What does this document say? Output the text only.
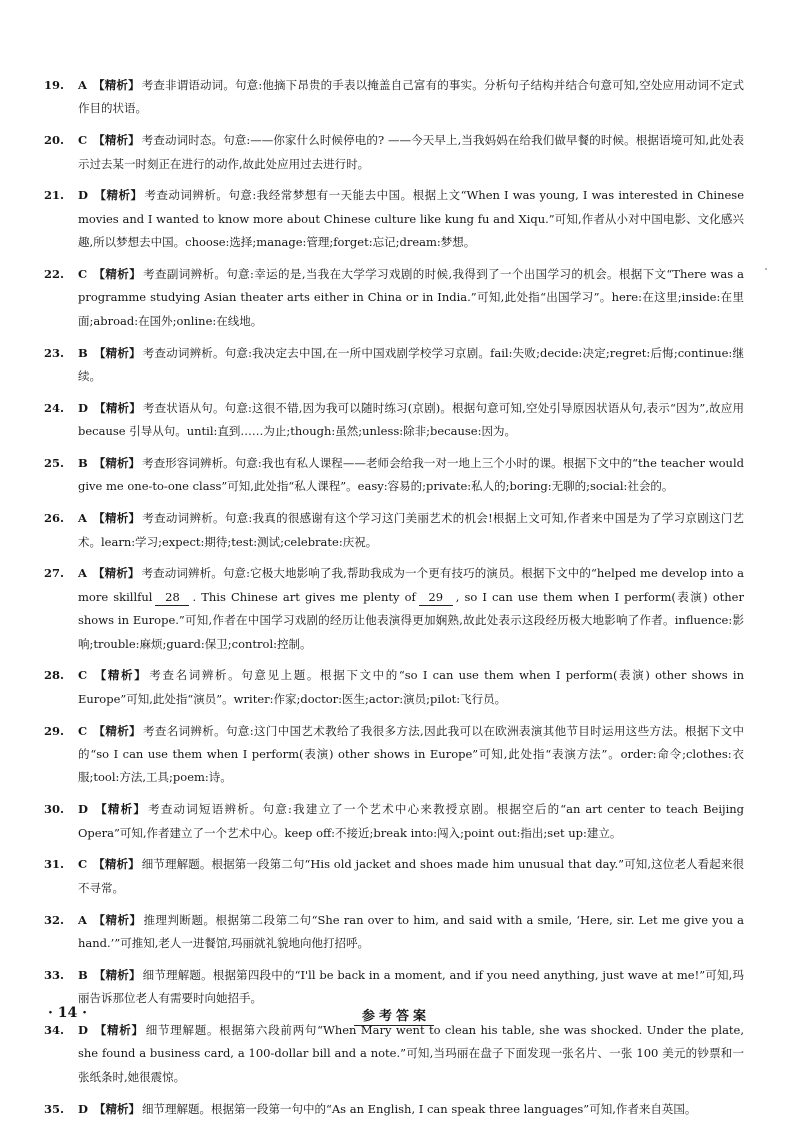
19. A 【精析】 考查非谓语动词。句意:他摘下昂贵的手表以掩盖自己富有的事实。分析句子结构并结合句意可知,空处应用动词不定式作目的状语。
20. C 【精析】 考查动词时态。句意:——你家什么时候停电的? ——今天早上,当我妈妈在给我们做早餐的时候。根据语境可知,此处表示过去某一时刻正在进行的动作,故此处应用过去进行时。
21. D 【精析】 考查动词辨析。句意:我经常梦想有一天能去中国。根据上文“When I was young, I was interested in Chinese movies and I wanted to know more about Chinese culture like kung fu and Xiqu.”可知,作者从小对中国电影、文化感兴趣,所以梦想去中国。choose:选择;manage:管理;forget:忘记;dream:梦想。
22. C 【精析】 考查副词辨析。句意:幸运的是,当我在大学学习戏剧的时候,我得到了一个出国学习的机会。根据下文“There was a programme studying Asian theater arts either in China or in India.”可知,此处指“出国学习”。here:在这里;inside:在里面;abroad:在国外;online:在线地。
23. B 【精析】 考查动词辨析。句意:我决定去中国,在一所中国戏剧学校学习京剧。fail:失败;decide:决定;regret:后悔;continue:继续。
24. D 【精析】 考查状语从句。句意:这很不错,因为我可以随时练习(京剧)。根据句意可知,空处引导原因状语从句,表示“因为”,故应用 because 引导从句。until:直到……为止;though:虽然;unless:除非;because:因为。
25. B 【精析】 考查形容词辨析。句意:我也有私人课程——老师会给我一对一地上三个小时的课。根据下文中的“the teacher would give me one-to-one class”可知,此处指“私人课程”。easy:容易的;private:私人的;boring:无聊的;social:社会的。
26. A 【精析】 考查动词辨析。句意:我真的很感谢有这个学习这门美丽艺术的机会!根据上文可知,作者来中国是为了学习京剧这门艺术。learn:学习;expect:期待;test:测试;celebrate:庆祝。
27. A 【精析】 考查动词辨析。句意:它极大地影响了我,帮助我成为一个更有技巧的演员。根据下文中的“helped me develop into a more skillful 28 . This Chinese art gives me plenty of 29 , so I can use them when I perform(表演) other shows in Europe.”可知,作者在中国学习戏剧的经历让他表演得更加娴熟,故此处表示这段经历极大地影响了作者。influence:影响;trouble:麻烦;guard:保卫;control:控制。
28. C 【精析】 考查名词辨析。句意见上题。根据下文中的“so I can use them when I perform(表演) other shows in Europe”可知,此处指“演员”。writer:作家;doctor:医生;actor:演员;pilot:飞行员。
29. C 【精析】 考查名词辨析。句意:这门中国艺术教给了我很多方法,因此我可以在欧洲表演其他节目时运用这些方法。根据下文中的“so I can use them when I perform(表演) other shows in Europe”可知,此处指“表演方法”。order:命令;clothes:衣服;tool:方法,工具;poem:诗。
30. D 【精析】 考查动词短语辨析。句意:我建立了一个艺术中心来教授京剧。根据空后的“an art center to teach Beijing Opera”可知,作者建立了一个艺术中心。keep off:不接近;break into:闯入;point out:指出;set up:建立。
31. C 【精析】 细节理解题。根据第一段第二句“His old jacket and shoes made him unusual that day.”可知,这位老人看起来很不寻常。
32. A 【精析】 推理判断题。根据第二段第二句“She ran over to him, and said with a smile, ‘Here, sir. Let me give you a hand.’”可推知,老人一进餐馆,玛丽就礼貌地向他打招呼。
33. B 【精析】 细节理解题。根据第四段中的“I'll be back in a moment, and if you need anything, just wave at me!”可知,玛丽告诉那位老人有需要时向她招手。
34. D 【精析】 细节理解题。根据第六段前两句“When Mary went to clean his table, she was shocked. Under the plate, she found a business card, a 100-dollar bill and a note.”可知,当玛丽在盘子下面发现一张名片、一张 100 美元的钞票和一张纸条时,她很震惊。
35. D 【精析】 细节理解题。根据第一段第一句中的“As an English, I can speak three languages”可知,作者来自英国。
· 14 ·	参考答案
